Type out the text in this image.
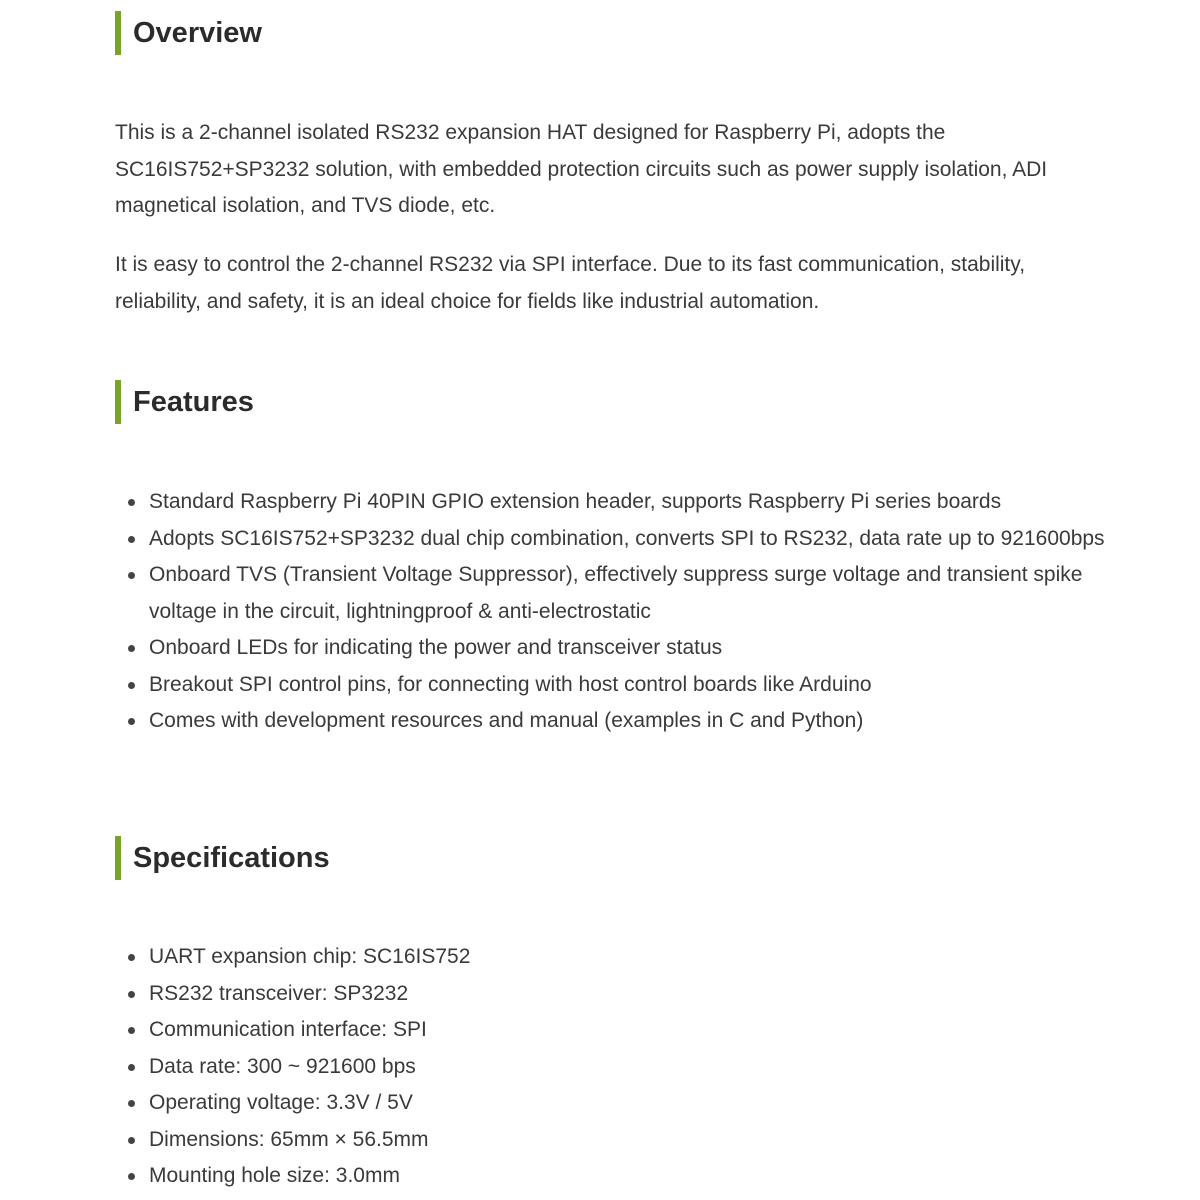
Overview

This is a 2-channel isolated RS232 expansion HAT designed for Raspberry Pi, adopts the SC16IS752+SP3232 solution, with embedded protection circuits such as power supply isolation, ADI magnetical isolation, and TVS diode, etc.

It is easy to control the 2-channel RS232 via SPI interface. Due to its fast communication, stability, reliability, and safety, it is an ideal choice for fields like industrial automation.

Features
Standard Raspberry Pi 40PIN GPIO extension header, supports Raspberry Pi series boards
Adopts SC16IS752+SP3232 dual chip combination, converts SPI to RS232, data rate up to 921600bps
Onboard TVS (Transient Voltage Suppressor), effectively suppress surge voltage and transient spike voltage in the circuit, lightningproof & anti-electrostatic
Onboard LEDs for indicating the power and transceiver status
Breakout SPI control pins, for connecting with host control boards like Arduino
Comes with development resources and manual (examples in C and Python)
Specifications
UART expansion chip: SC16IS752
RS232 transceiver: SP3232
Communication interface: SPI
Data rate: 300 ~ 921600 bps
Operating voltage: 3.3V / 5V
Dimensions: 65mm × 56.5mm
Mounting hole size: 3.0mm
